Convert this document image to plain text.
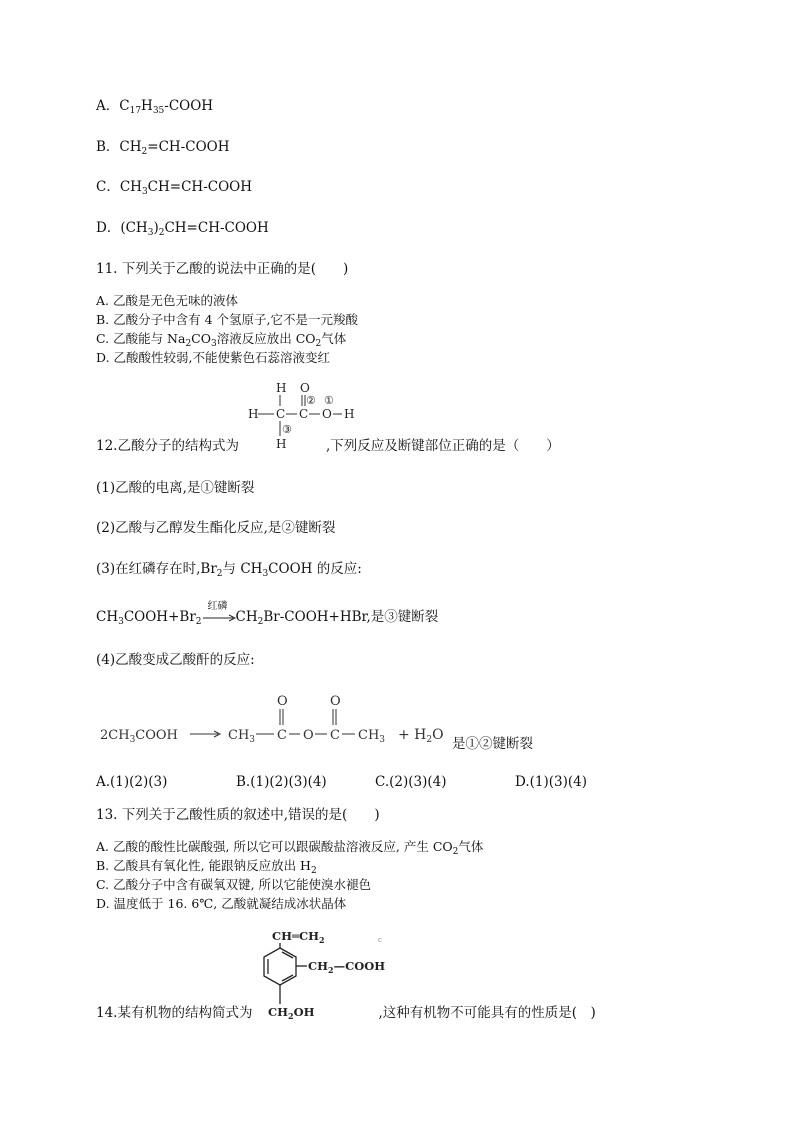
A．$C_{17}H_{35}$-COOH
B．$CH_2=CH$-COOH
C．$CH_3CH=CH$-COOH
D．$(CH_3)_2CH=CH$-COOH
11. 下列关于乙酸的说法中正确的是(　　)
A. 乙酸是无色无味的液体
B. 乙酸分子中含有 4 个氢原子,它不是一元羧酸
C. 乙酸能与 $Na_2CO_3$溶液反应放出 $CO_2$气体
D. 乙酸酸性较弱,不能使紫色石蕊溶液变红
H O
H C C O H
H
①
②
③
12.乙酸分子的结构式为	,下列反应及断键部位正确的是（　　）
(1)乙酸的电离,是①键断裂
(2)乙酸与乙醇发生酯化反应,是②键断裂
(3)在红磷存在时$,Br_2$与 $CH_3COOH$ 的反应:
$CH_3COOH+Br_2$
红磷
$CH_2Br-COOH+HBr$,是③键断裂
(4)乙酸变成乙酸酐的反应:
$2CH_3COOH$	$CH_3$ C
O
O C
O
$CH_3 + H_2O$
是①②键断裂
A.(1)(2)(3)	B.(1)(2)(3)(4)	C.(2)(3)(4)	D.(1)(3)(4)
13. 下列关于乙酸性质的叙述中,错误的是(　　)
A. 乙酸的酸性比碳酸强, 所以它可以跟碳酸盐溶液反应, 产生 $CO_2$气体
B. 乙酸具有氧化性, 能跟钠反应放出 $H_2$
C. 乙酸分子中含有碳氧双键, 所以它能使溴水褪色
D. 温度低于 16. 6℃, 乙酸就凝结成冰状晶体
$CH═CH_2$
$CH_2—COOH$
$CH_2OH$
c
14.某有机物的结构简式为	,这种有机物不可能具有的性质是(　)
